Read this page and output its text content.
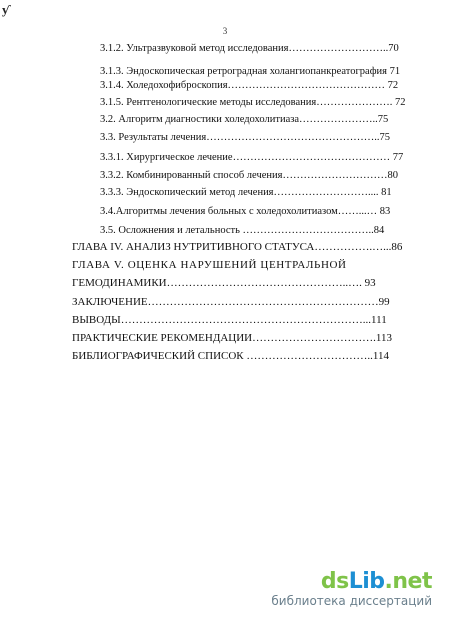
ƴ
3
3.1.2. Ультразвуковой метод исследования………………………..70
3.1.3. Эндоскопическая ретроградная холангиопанкреатография 71
3.1.4. Холедохофиброскопия……………………………………… 72
3.1.5. Рентгенологические методы исследования…………………. 72
3.2. Алгоритм диагностики холедохолитиаза…………………..75
3.3. Результаты лечения…………………………………………..75
3.3.1. Хирургическое лечение……………………………………… 77
3.3.2. Комбинированный способ лечения…………………………80
3.3.3. Эндоскопический метод лечения……………………….... 81
3.4.Алгоритмы лечения больных с холедохолитиазом……...… 83
3.5. Осложнения и летальность ………………………………..84
ГЛАВА IV. АНАЛИЗ НУТРИТИВНОГО СТАТУСА…………….…...86
ГЛАВА V. ОЦЕНКА НАРУШЕНИЙ ЦЕНТРАЛЬНОЙ
ГЕМОДИНАМИКИ…………………………………………..…. 93
ЗАКЛЮЧЕНИЕ………………………………………………………99
ВЫВОДЫ…………………………………………………………...111
ПРАКТИЧЕСКИЕ РЕКОМЕНДАЦИИ…………………………….113
БИБЛИОГРАФИЧЕСКИЙ СПИСОК ……………………………..114
dsLib.net
библиотека диссертаций
